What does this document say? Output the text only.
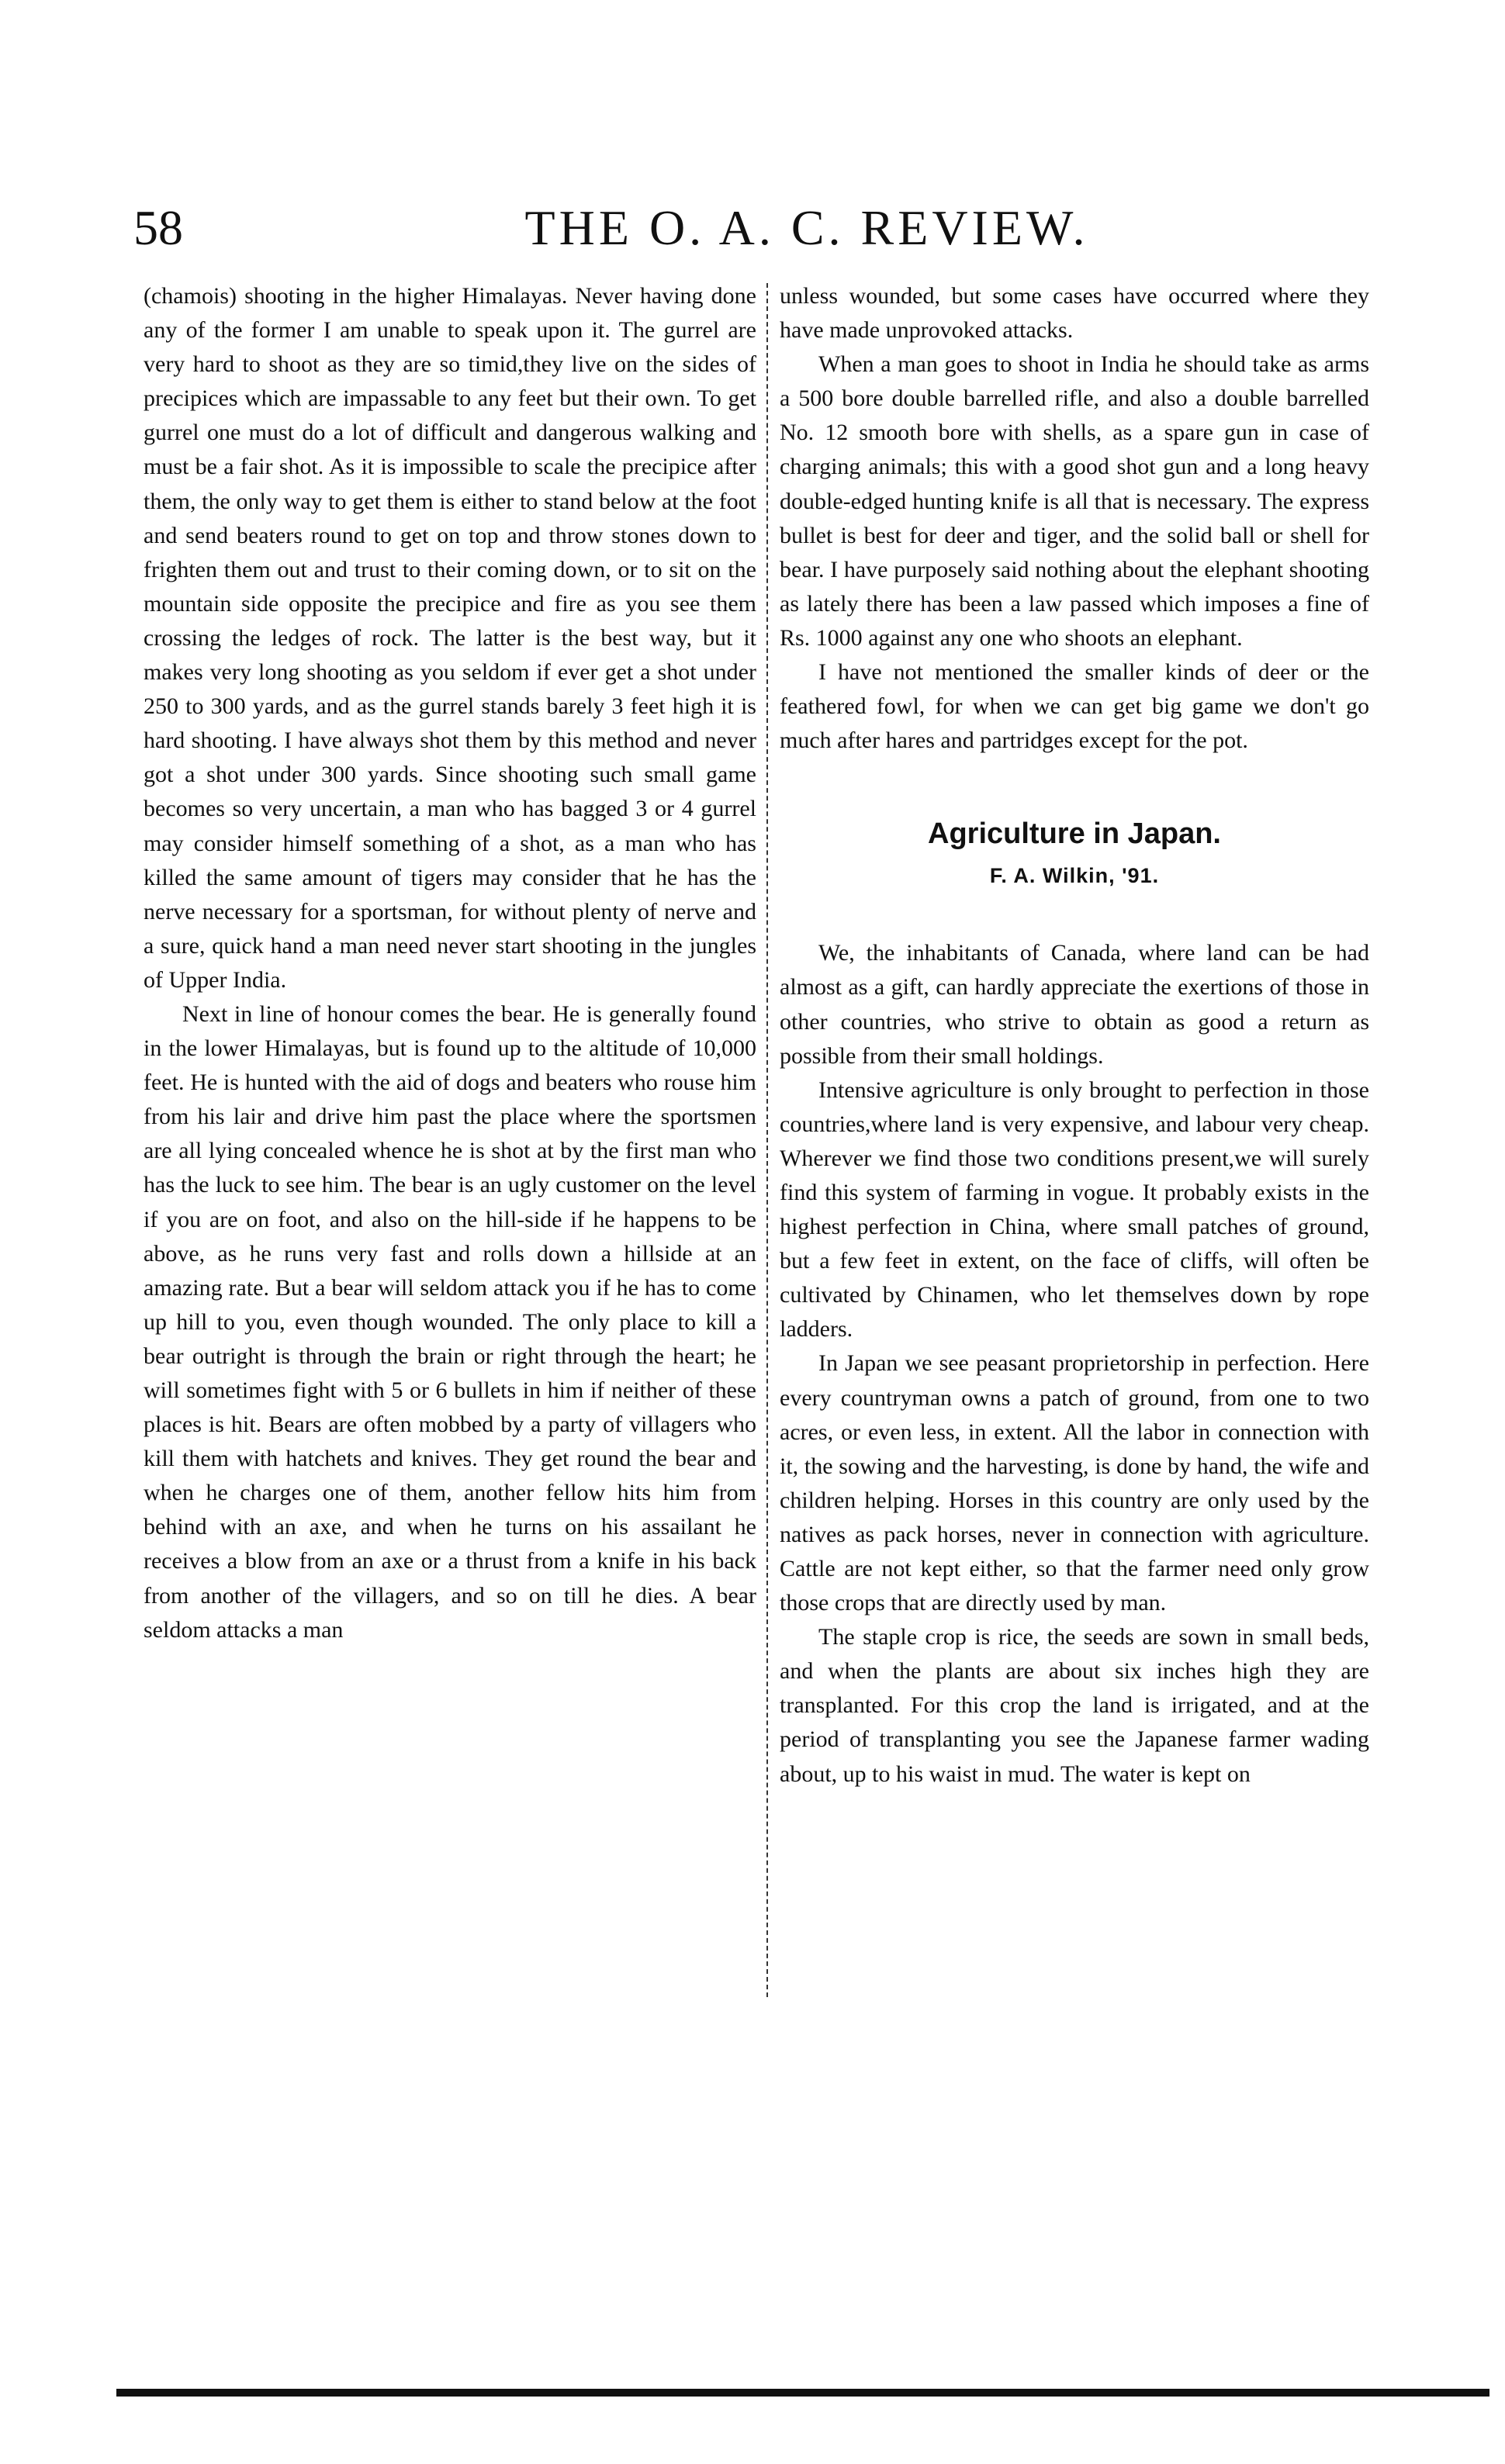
58	THE O. A. C. REVIEW.

(chamois) shooting in the higher Himalayas. Never having done any of the former I am unable to speak upon it. The gurrel are very hard to shoot as they are so timid,they live on the sides of precipices which are impassable to any feet but their own. To get gurrel one must do a lot of difficult and dangerous walking and must be a fair shot. As it is impossible to scale the precipice after them, the only way to get them is either to stand below at the foot and send beaters round to get on top and throw stones down to frighten them out and trust to their coming down, or to sit on the mountain side opposite the precipice and fire as you see them crossing the ledges of rock. The latter is the best way, but it makes very long shooting as you seldom if ever get a shot under 250 to 300 yards, and as the gurrel stands barely 3 feet high it is hard shooting. I have always shot them by this method and never got a shot under 300 yards. Since shooting such small game becomes so very uncertain, a man who has bagged 3 or 4 gurrel may consider himself something of a shot, as a man who has killed the same amount of tigers may consider that he has the nerve necessary for a sportsman, for without plenty of nerve and a sure, quick hand a man need never start shooting in the jungles of Upper India.

Next in line of honour comes the bear. He is generally found in the lower Himalayas, but is found up to the altitude of 10,000 feet. He is hunted with the aid of dogs and beaters who rouse him from his lair and drive him past the place where the sportsmen are all lying concealed whence he is shot at by the first man who has the luck to see him. The bear is an ugly customer on the level if you are on foot, and also on the hill-side if he happens to be above, as he runs very fast and rolls down a hillside at an amazing rate. But a bear will seldom attack you if he has to come up hill to you, even though wounded. The only place to kill a bear outright is through the brain or right through the heart; he will sometimes fight with 5 or 6 bullets in him if neither of these places is hit. Bears are often mobbed by a party of villagers who kill them with hatchets and knives. They get round the bear and when he charges one of them, another fellow hits him from behind with an axe, and when he turns on his assailant he receives a blow from an axe or a thrust from a knife in his back from another of the villagers, and so on till he dies. A bear seldom attacks a man

unless wounded, but some cases have occurred where they have made unprovoked attacks.

When a man goes to shoot in India he should take as arms a 500 bore double barrelled rifle, and also a double barrelled No. 12 smooth bore with shells, as a spare gun in case of charging animals; this with a good shot gun and a long heavy double-edged hunting knife is all that is necessary. The express bullet is best for deer and tiger, and the solid ball or shell for bear. I have purposely said nothing about the elephant shooting as lately there has been a law passed which imposes a fine of Rs. 1000 against any one who shoots an elephant.

I have not mentioned the smaller kinds of deer or the feathered fowl, for when we can get big game we don't go much after hares and partridges except for the pot.

Agriculture in Japan.
F. A. Wilkin, '91.

We, the inhabitants of Canada, where land can be had almost as a gift, can hardly appreciate the exertions of those in other countries, who strive to obtain as good a return as possible from their small holdings.

Intensive agriculture is only brought to perfection in those countries,where land is very expensive, and labour very cheap. Wherever we find those two conditions present,we will surely find this system of farming in vogue. It probably exists in the highest perfection in China, where small patches of ground, but a few feet in extent, on the face of cliffs, will often be cultivated by Chinamen, who let themselves down by rope ladders.

In Japan we see peasant proprietorship in perfection. Here every countryman owns a patch of ground, from one to two acres, or even less, in extent. All the labor in connection with it, the sowing and the harvesting, is done by hand, the wife and children helping. Horses in this country are only used by the natives as pack horses, never in connection with agriculture. Cattle are not kept either, so that the farmer need only grow those crops that are directly used by man.

The staple crop is rice, the seeds are sown in small beds, and when the plants are about six inches high they are transplanted. For this crop the land is irrigated, and at the period of transplanting you see the Japanese farmer wading about, up to his waist in mud. The water is kept on
